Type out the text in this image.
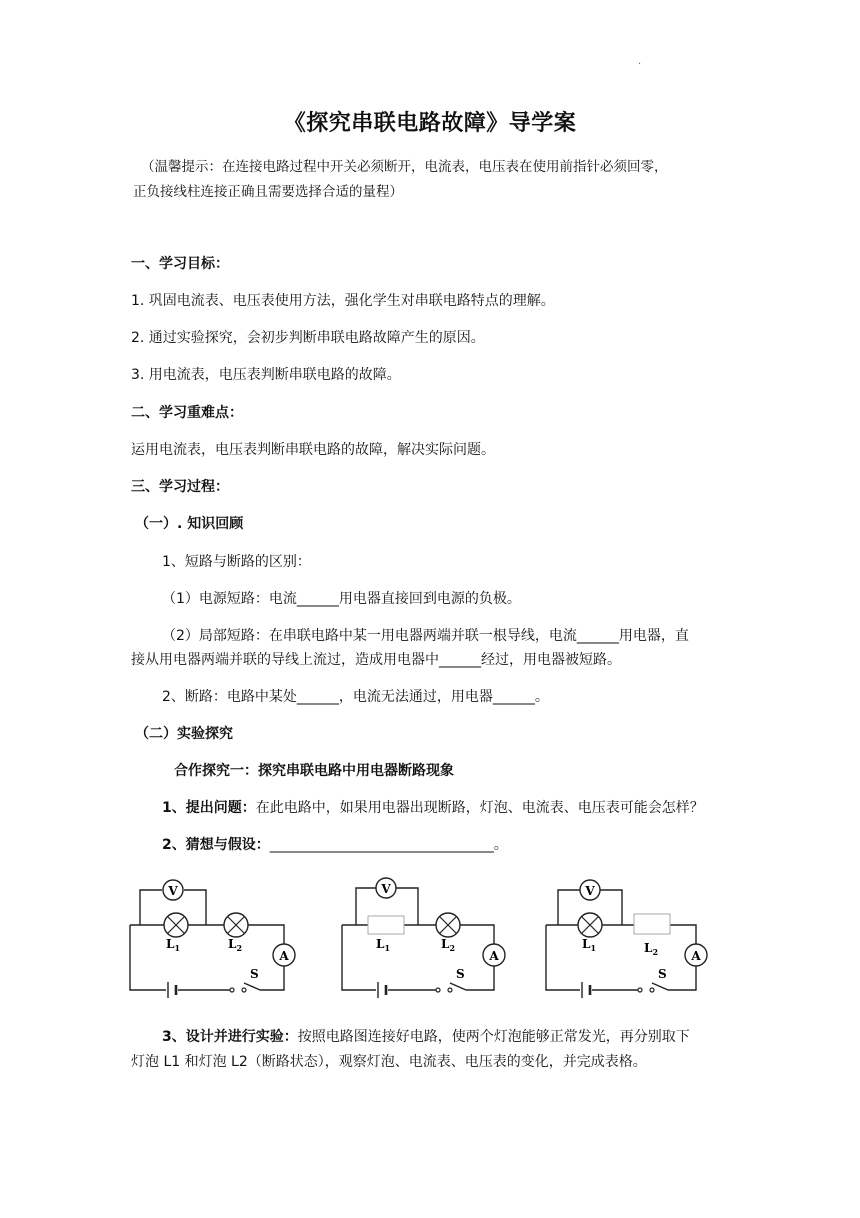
.
《探究串联电路故障》导学案
（温馨提示：在连接电路过程中开关必须断开，电流表，电压表在使用前指针必须回零，
正负接线柱连接正确且需要选择合适的量程）
一、学习目标：
1. 巩固电流表、电压表使用方法，强化学生对串联电路特点的理解。
2. 通过实验探究，会初步判断串联电路故障产生的原因。
3. 用电流表，电压表判断串联电路的故障。
二、学习重难点：
运用电流表，电压表判断串联电路的故障，解决实际问题。
三、学习过程：
（一）. 知识回顾
1、短路与断路的区别：
（1）电源短路：电流______用电器直接回到电源的负极。
（2）局部短路：在串联电路中某一用电器两端并联一根导线，电流______用电器，直
接从用电器两端并联的导线上流过，造成用电器中______经过，用电器被短路。
2、断路：电路中某处______，电流无法通过，用电器______。
（二）实验探究
合作探究一：探究串联电路中用电器断路现象
1、提出问题：在此电路中，如果用电器出现断路，灯泡、电流表、电压表可能会怎样？
2、猜想与假设：________________________________。
V
$L_1$	$L_2$
A
S
V
$L_1$	$L_2$
A
S
V
$L_1$	$L_2$	A
S
3、设计并进行实验：按照电路图连接好电路，使两个灯泡能够正常发光，再分别取下
灯泡 L1 和灯泡 L2（断路状态），观察灯泡、电流表、电压表的变化，并完成表格。
